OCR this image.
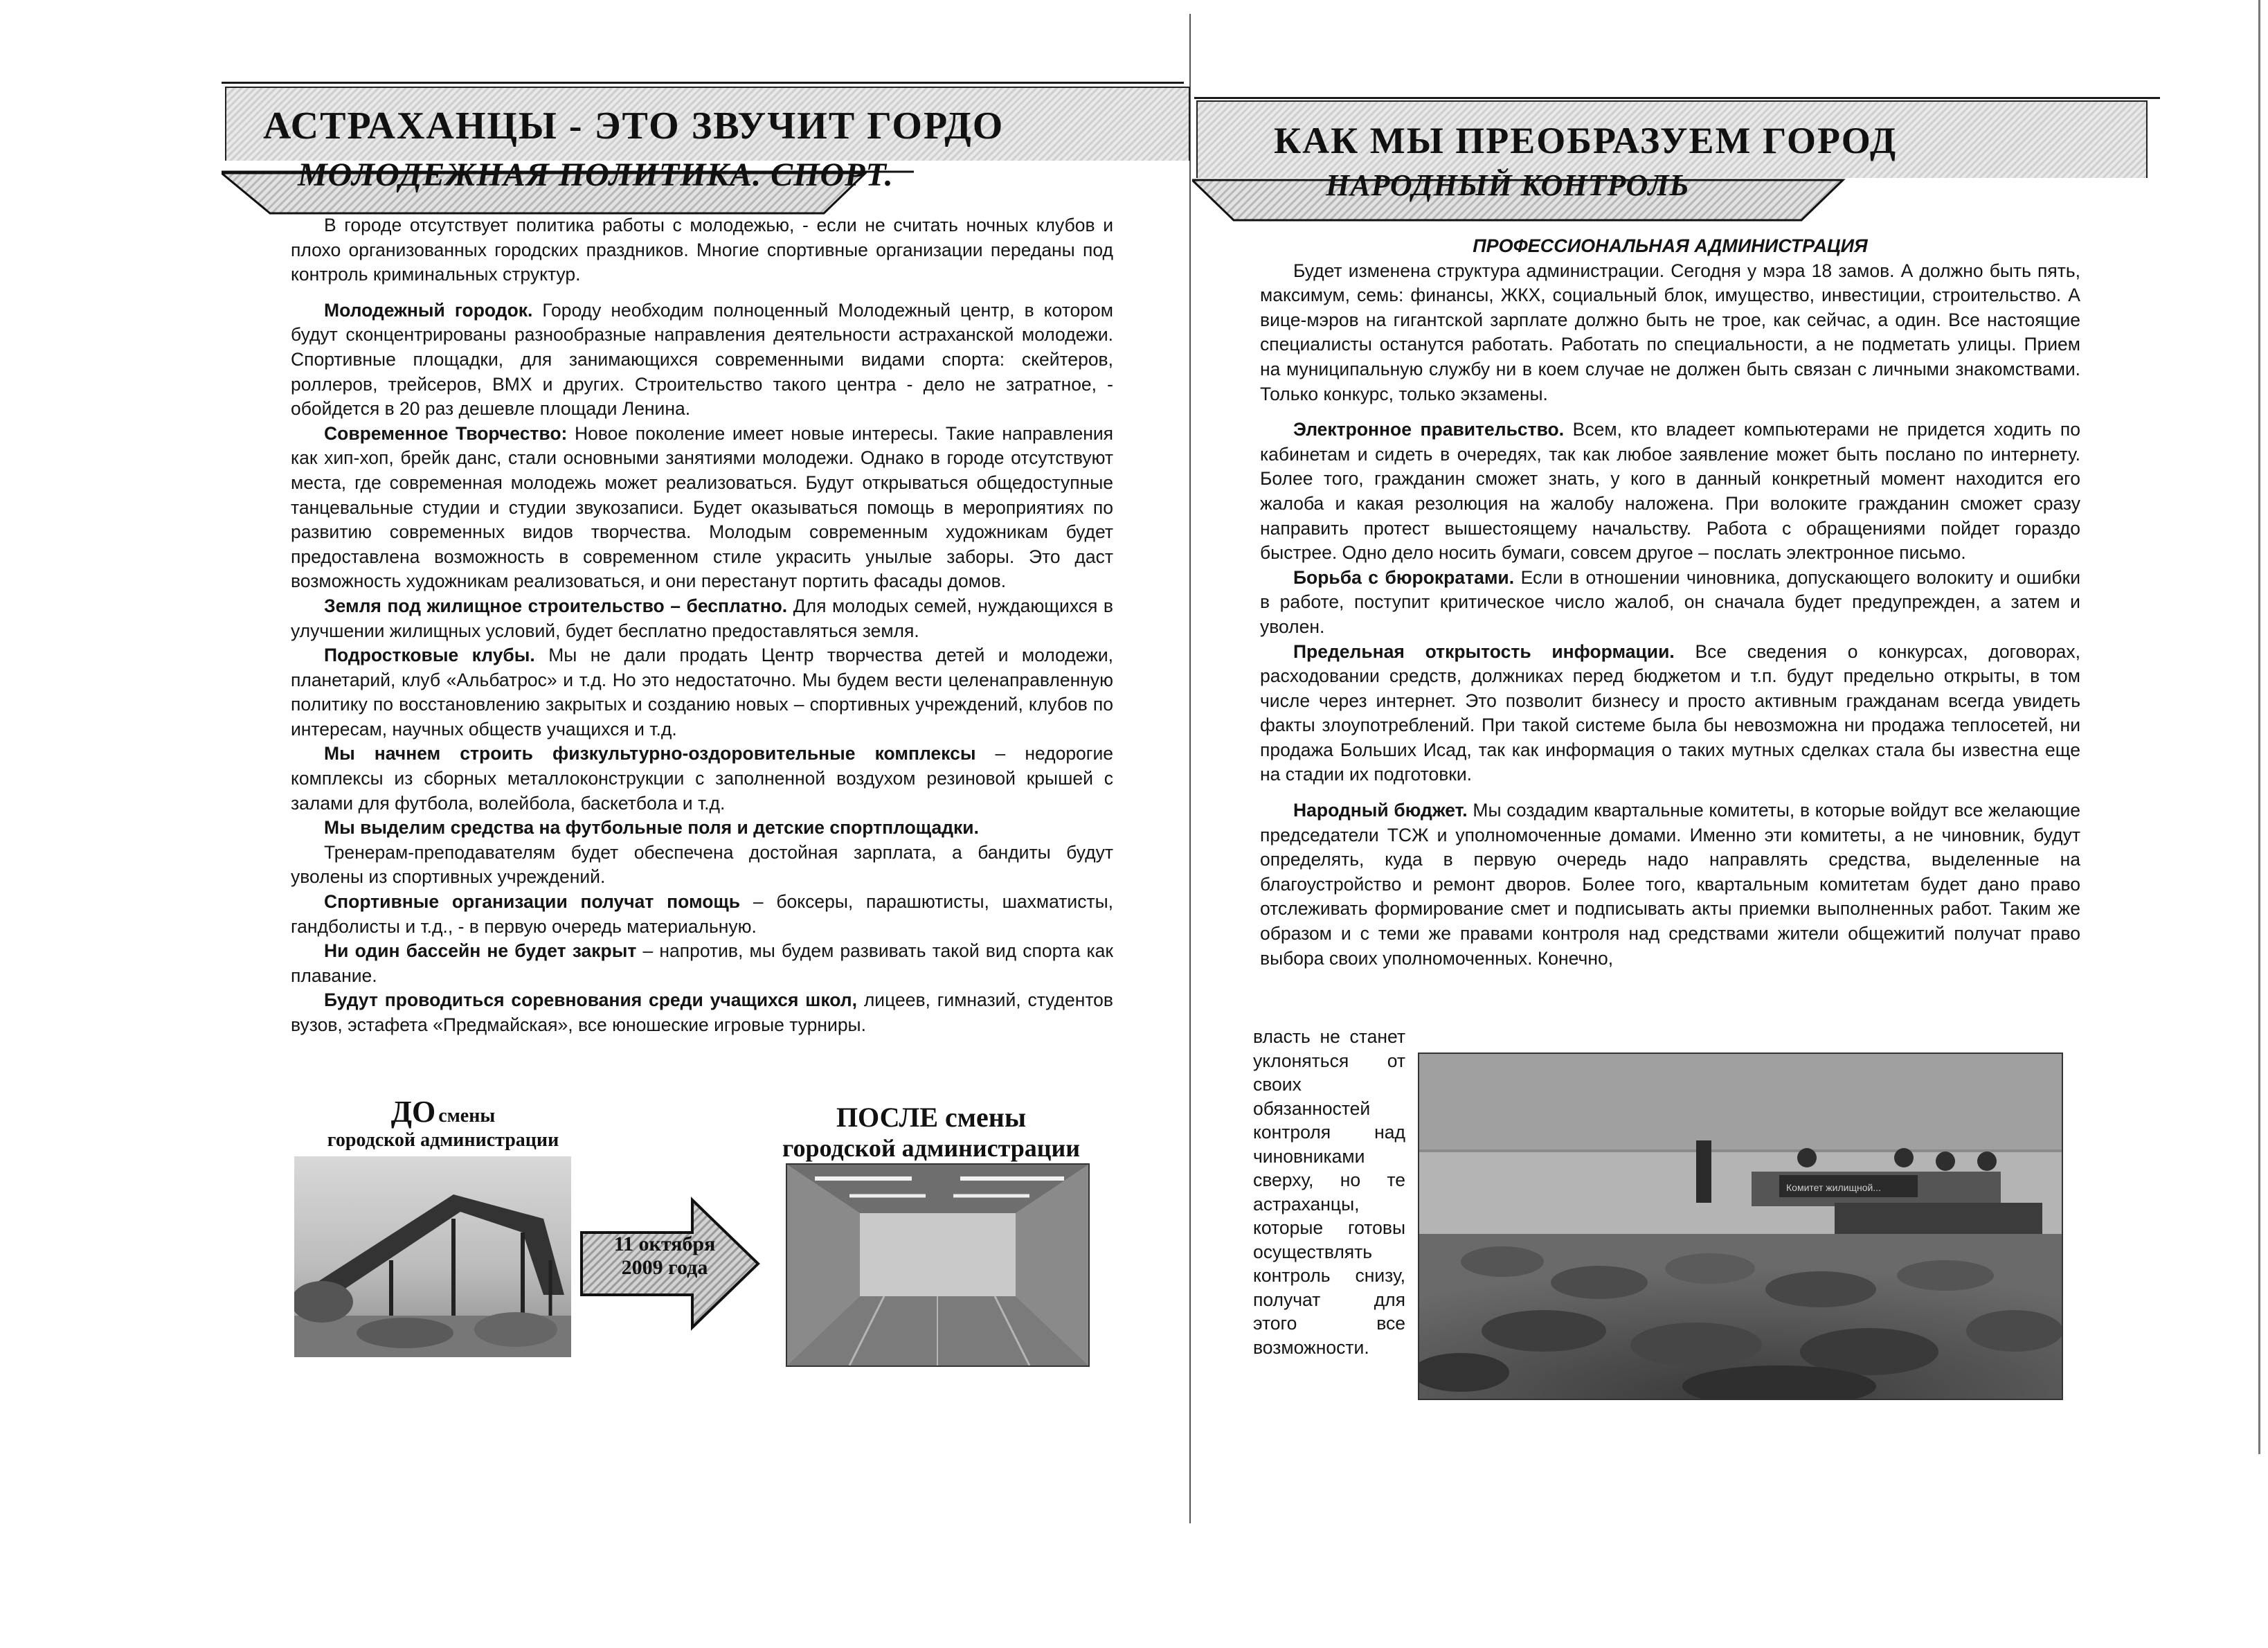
АСТРАХАНЦЫ - ЭТО ЗВУЧИТ ГОРДО
МОЛОДЕЖНАЯ ПОЛИТИКА. СПОРТ.

В городе отсутствует политика работы с молодежью, - если не считать ночных клубов и плохо организованных городских праздников. Многие спортивные организации переданы под контроль криминальных структур.

Молодежный городок. Городу необходим полноценный Молодежный центр, в котором будут сконцентрированы разнообразные направления деятельности астраханской молодежи. Спортивные площадки, для занимающихся современными видами спорта: скейтеров, роллеров, трейсеров, BMX и других. Строительство такого центра - дело не затратное, - обойдется в 20 раз дешевле площади Ленина.

Современное Творчество: Новое поколение имеет новые интересы. Такие направления как хип-хоп, брейк данс, стали основными занятиями молодежи. Однако в городе отсутствуют места, где современная молодежь может реализоваться. Будут открываться общедоступные танцевальные студии и студии звукозаписи. Будет оказываться помощь в мероприятиях по развитию современных видов творчества. Молодым современным художникам будет предоставлена возможность в современном стиле украсить унылые заборы. Это даст возможность художникам реализоваться, и они перестанут портить фасады домов.

Земля под жилищное строительство – бесплатно. Для молодых семей, нуждающихся в улучшении жилищных условий, будет бесплатно предоставляться земля.

Подростковые клубы. Мы не дали продать Центр творчества детей и молодежи, планетарий, клуб «Альбатрос» и т.д. Но это недостаточно. Мы будем вести целенаправленную политику по восстановлению закрытых и созданию новых – спортивных учреждений, клубов по интересам, научных обществ учащихся и т.д.

Мы начнем строить физкультурно-оздоровительные комплексы – недорогие комплексы из сборных металлоконструкции с заполненной воздухом резиновой крышей с залами для футбола, волейбола, баскетбола и т.д.

Мы выделим средства на футбольные поля и детские спортплощадки.

Тренерам-преподавателям будет обеспечена достойная зарплата, а бандиты будут уволены из спортивных учреждений.

Спортивные организации получат помощь – боксеры, парашютисты, шахматисты, гандболисты и т.д., - в первую очередь материальную.

Ни один бассейн не будет закрыт – напротив, мы будем развивать такой вид спорта как плавание.

Будут проводиться соревнования среди учащихся школ, лицеев, гимназий, студентов вузов, эстафета «Предмайская», все юношеские игровые турниры.

ДО смены
городской администрации
ПОСЛЕ смены
городской администрации
11 октября
2009 года
КАК МЫ ПРЕОБРАЗУЕМ ГОРОД
НАРОДНЫЙ КОНТРОЛЬ

ПРОФЕССИОНАЛЬНАЯ АДМИНИСТРАЦИЯ

Будет изменена структура администрации. Сегодня у мэра 18 замов. А должно быть пять, максимум, семь: финансы, ЖКХ, социальный блок, имущество, инвестиции, строительство. А вице-мэров на гигантской зарплате должно быть не трое, как сейчас, а один. Все настоящие специалисты останутся работать. Работать по специальности, а не подметать улицы. Прием на муниципальную службу ни в коем случае не должен быть связан с личными знакомствами. Только конкурс, только экзамены.

Электронное правительство. Всем, кто владеет компьютерами не придется ходить по кабинетам и сидеть в очередях, так как любое заявление может быть послано по интернету. Более того, гражданин сможет знать, у кого в данный конкретный момент находится его жалоба и какая резолюция на жалобу наложена. При волоките гражданин сможет сразу направить протест вышестоящему начальству. Работа с обращениями пойдет гораздо быстрее. Одно дело носить бумаги, совсем другое – послать электронное письмо.

Борьба с бюрократами. Если в отношении чиновника, допускающего волокиту и ошибки в работе, поступит критическое число жалоб, он сначала будет предупрежден, а затем и уволен.

Предельная открытость информации. Все сведения о конкурсах, договорах, расходовании средств, должниках перед бюджетом и т.п. будут предельно открыты, в том числе через интернет. Это позволит бизнесу и просто активным гражданам всегда увидеть факты злоупотреблений. При такой системе была бы невозможна ни продажа теплосетей, ни продажа Больших Исад, так как информация о таких мутных сделках стала бы известна еще на стадии их подготовки.

Народный бюджет. Мы создадим квартальные комитеты, в которые войдут все желающие председатели ТСЖ и уполномоченные домами. Именно эти комитеты, а не чиновник, будут определять, куда в первую очередь надо направлять средства, выделенные на благоустройство и ремонт дворов. Более того, квартальным комитетам будет дано право отслеживать формирование смет и подписывать акты приемки выполненных работ. Таким же образом и с теми же правами контроля над средствами жители общежитий получат право выбора своих уполномоченных. Конечно,

власть не станет уклоняться от своих обязанностей контроля над чиновниками сверху, но те астраханцы, которые готовы осуществлять контроль снизу, получат для этого все возможности.
Комитет жилищной...
